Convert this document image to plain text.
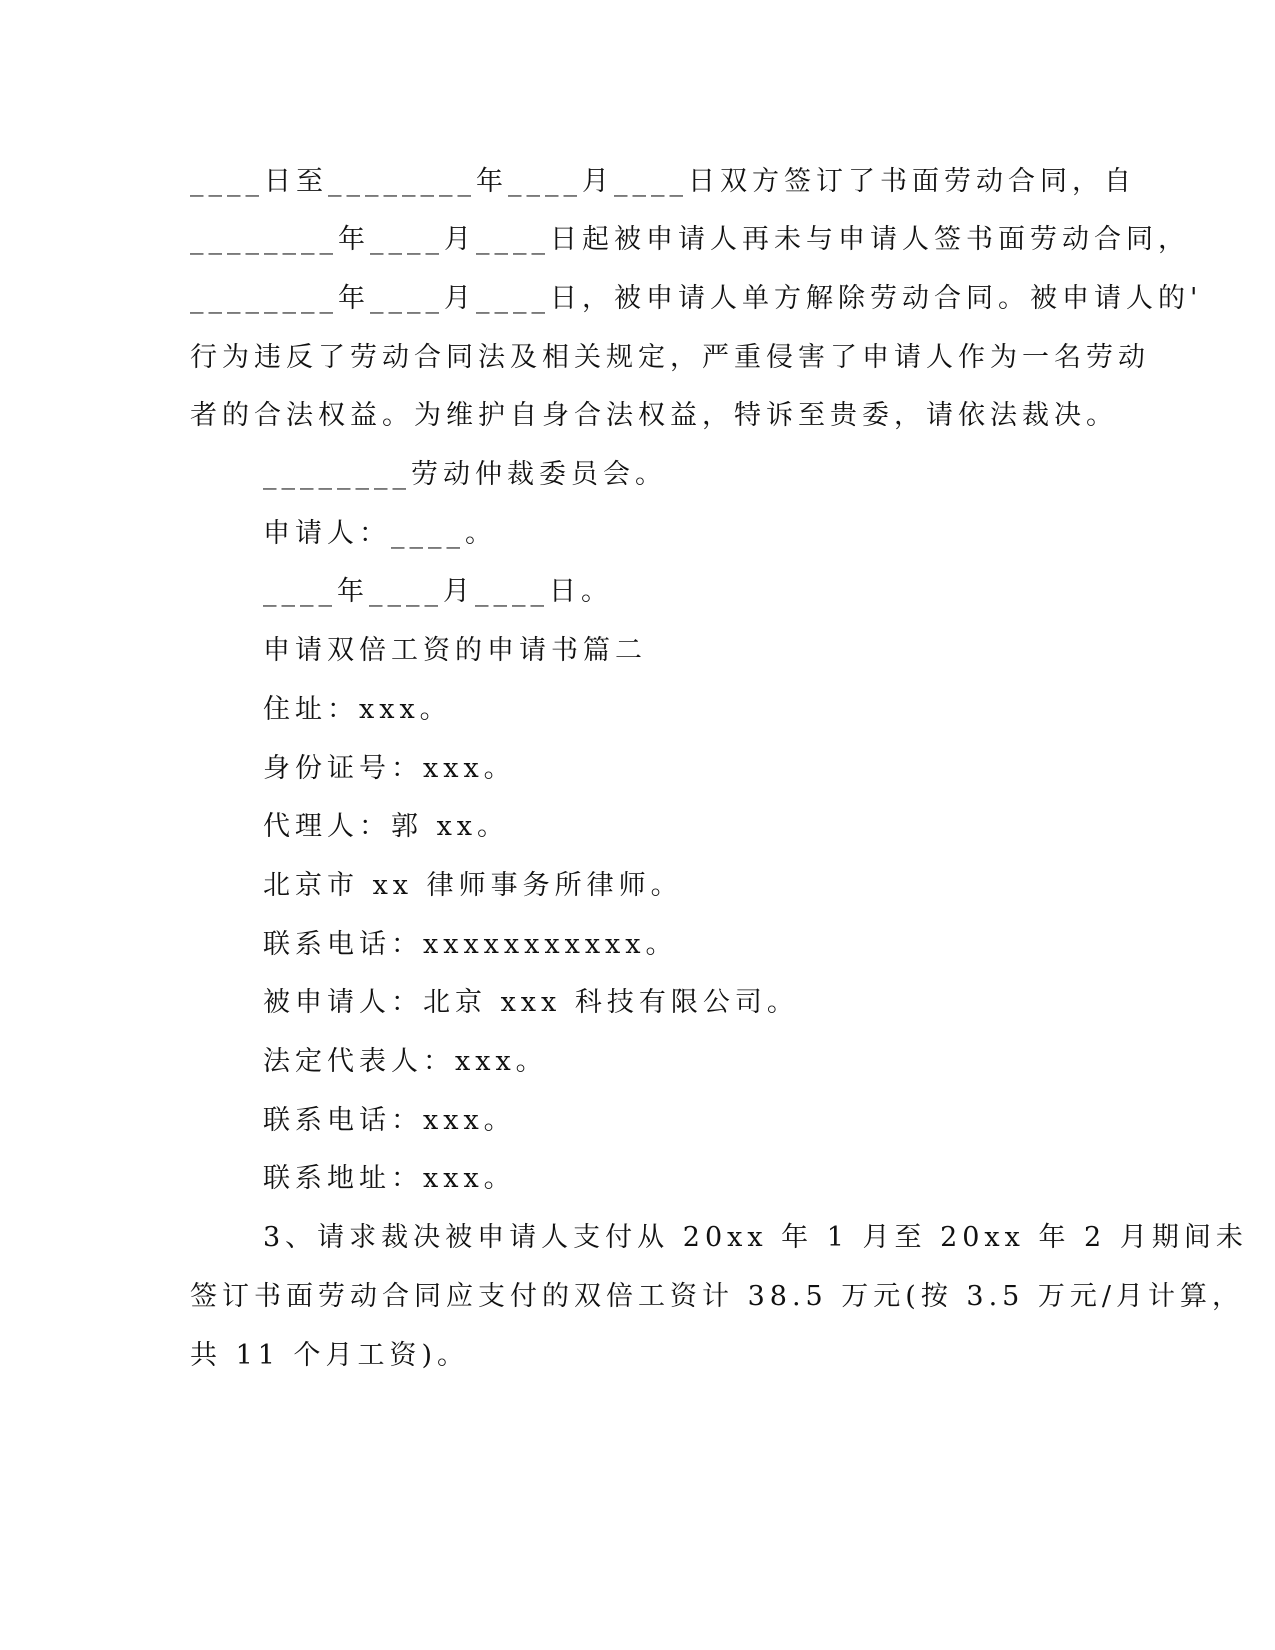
____日至________年____月____日双方签订了书面劳动合同，自
________年____月____日起被申请人再未与申请人签书面劳动合同，
________年____月____日，被申请人单方解除劳动合同。被申请人的'
行为违反了劳动合同法及相关规定，严重侵害了申请人作为一名劳动
者的合法权益。为维护自身合法权益，特诉至贵委，请依法裁决。
________劳动仲裁委员会。
申请人：____。
____年____月____日。
申请双倍工资的申请书篇二
住址：xxx。
身份证号：xxx。
代理人：郭 xx。
北京市 xx 律师事务所律师。
联系电话：xxxxxxxxxxx。
被申请人：北京 xxx 科技有限公司。
法定代表人：xxx。
联系电话：xxx。
联系地址：xxx。
3、请求裁决被申请人支付从 20xx 年 1 月至 20xx 年 2 月期间未
签订书面劳动合同应支付的双倍工资计 38.5 万元(按 3.5 万元/月计算，
共 11 个月工资)。
